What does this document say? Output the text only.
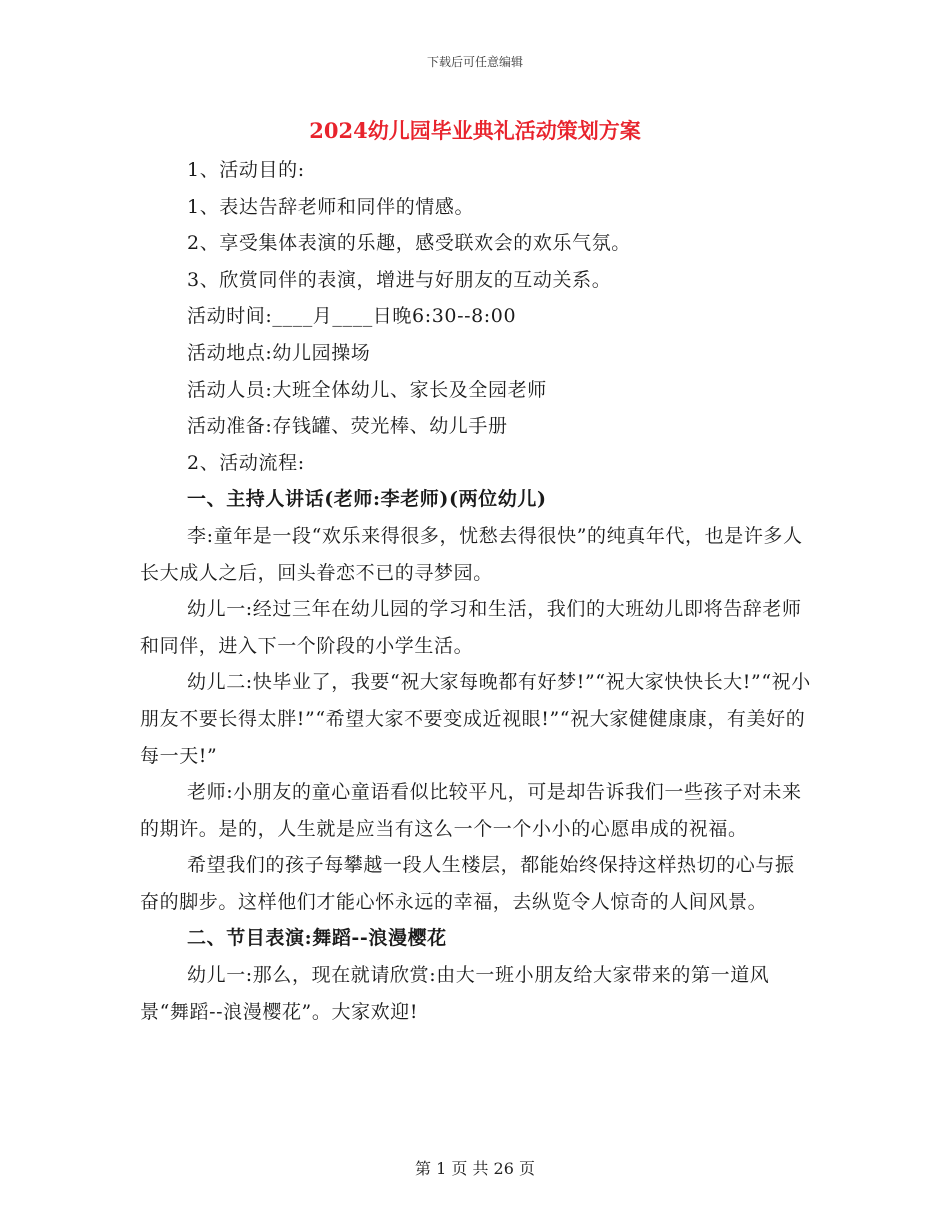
下载后可任意编辑
2024幼儿园毕业典礼活动策划方案

1、活动目的:

1、表达告辞老师和同伴的情感。

2、享受集体表演的乐趣，感受联欢会的欢乐气氛。

3、欣赏同伴的表演，增进与好朋友的互动关系。

活动时间:____月____日晚6:30--8:00

活动地点:幼儿园操场

活动人员:大班全体幼儿、家长及全园老师

活动准备:存钱罐、荧光棒、幼儿手册

2、活动流程:

一、主持人讲话(老师:李老师)(两位幼儿)

李:童年是一段“欢乐来得很多，忧愁去得很快”的纯真年代，也是许多人长大成人之后，回头眷恋不已的寻梦园。

幼儿一:经过三年在幼儿园的学习和生活，我们的大班幼儿即将告辞老师和同伴，进入下一个阶段的小学生活。

幼儿二:快毕业了，我要“祝大家每晚都有好梦!”“祝大家快快长大!”“祝小朋友不要长得太胖!”“希望大家不要变成近视眼!”“祝大家健健康康，有美好的每一天!”

老师:小朋友的童心童语看似比较平凡，可是却告诉我们一些孩子对未来的期许。是的，人生就是应当有这么一个一个小小的心愿串成的祝福。

希望我们的孩子每攀越一段人生楼层，都能始终保持这样热切的心与振奋的脚步。这样他们才能心怀永远的幸福，去纵览令人惊奇的人间风景。

二、节目表演:舞蹈--浪漫樱花

幼儿一:那么，现在就请欣赏:由大一班小朋友给大家带来的第一道风景“舞蹈--浪漫樱花”。大家欢迎!

第 1 页 共 26 页
